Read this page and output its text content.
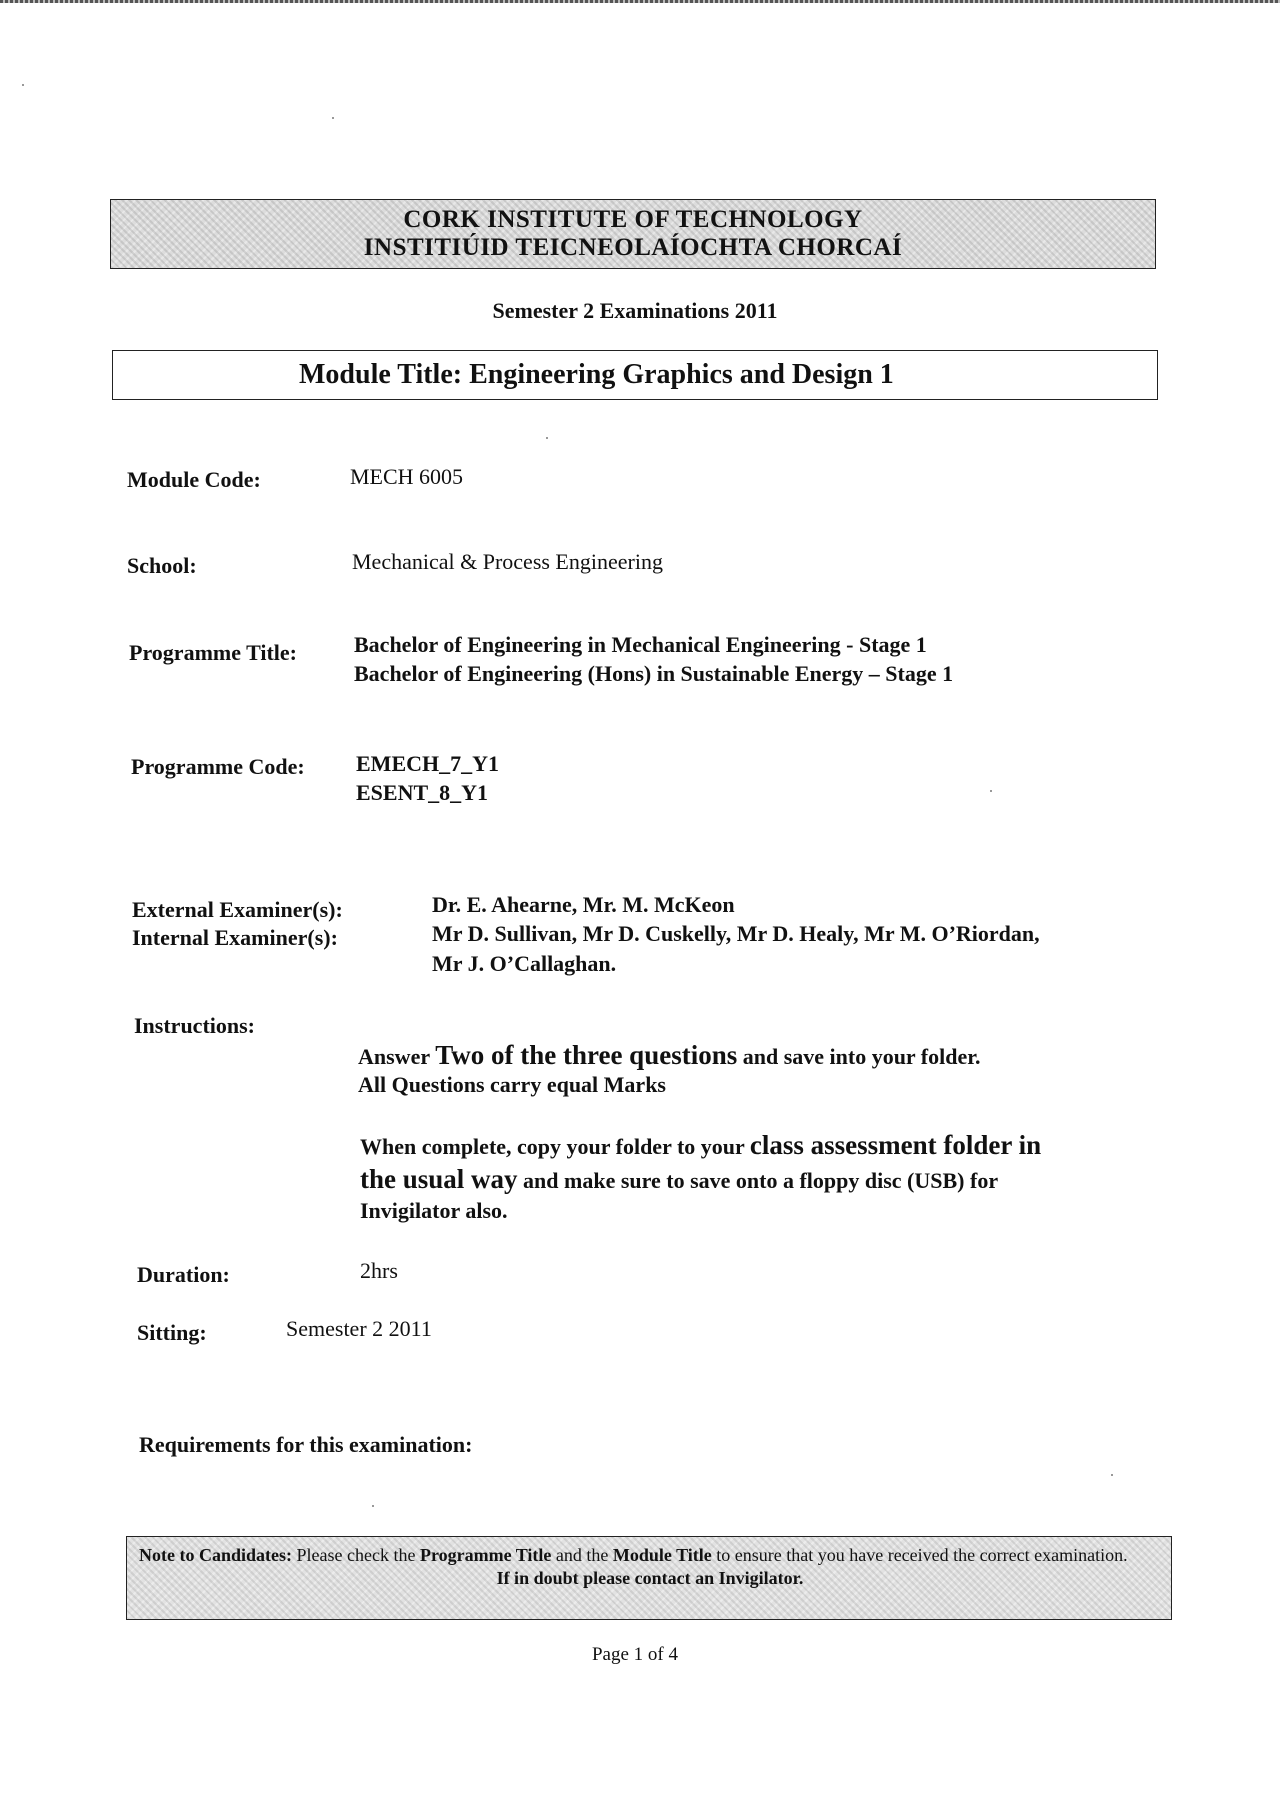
CORK INSTITUTE OF TECHNOLOGY
INSTITIÚID TEICNEOLAÍOCHTA CHORCAÍ
Semester 2 Examinations 2011
Module Title: Engineering Graphics and Design 1
Module Code:	MECH 6005
School:	Mechanical & Process Engineering
Programme Title:	Bachelor of Engineering in Mechanical Engineering - Stage 1
Bachelor of Engineering (Hons) in Sustainable Energy – Stage 1
Programme Code: EMECH_7_Y1
ESENT_8_Y1
External Examiner(s):	Dr. E. Ahearne, Mr. M. McKeon
Internal Examiner(s):	Mr D. Sullivan, Mr D. Cuskelly, Mr D. Healy, Mr M. O’Riordan,
Mr J. O’Callaghan.
Instructions:
Answer Two of the three questions and save into your folder.
All Questions carry equal Marks
When complete, copy your folder to your class assessment folder in
the usual way and make sure to save onto a floppy disc (USB) for
Invigilator also.
Duration:	2hrs
Sitting:	Semester 2 2011
Requirements for this examination:
Note to Candidates: Please check the Programme Title and the Module Title to ensure that you have received the correct examination.
If in doubt please contact an Invigilator.
Page 1 of 4
